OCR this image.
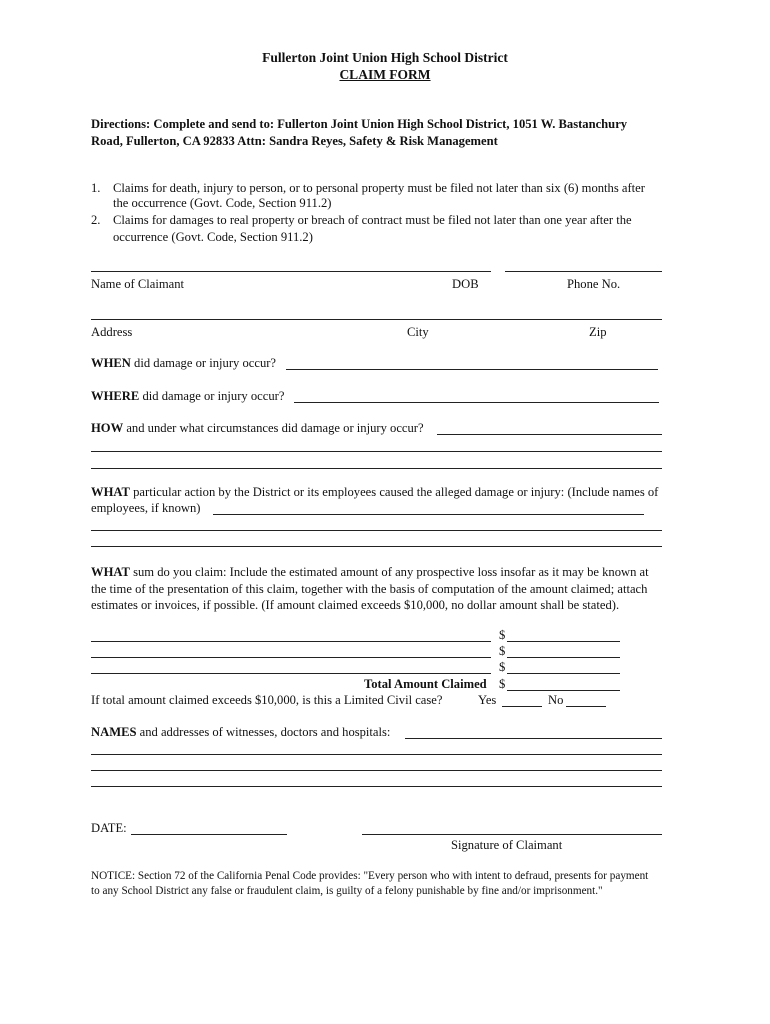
Fullerton Joint Union High School District
CLAIM FORM
Directions: Complete and send to: Fullerton Joint Union High School District, 1051 W. Bastanchury
Road, Fullerton, CA 92833 Attn: Sandra Reyes, Safety & Risk Management
1. Claims for death, injury to person, or to personal property must be filed not later than six (6) months after
the occurrence (Govt. Code, Section 911.2)
2. Claims for damages to real property or breach of contract must be filed not later than one year after the
occurrence (Govt. Code, Section 911.2)
Name of Claimant	DOB	Phone No.
Address	City	Zip
WHEN did damage or injury occur?
WHERE did damage or injury occur?
HOW and under what circumstances did damage or injury occur?
WHAT particular action by the District or its employees caused the alleged damage or injury: (Include names of
employees, if known)
WHAT sum do you claim: Include the estimated amount of any prospective loss insofar as it may be known at
the time of the presentation of this claim, together with the basis of computation of the amount claimed; attach
estimates or invoices, if possible. (If amount claimed exceeds $10,000, no dollar amount shall be stated).
$
$
$
Total Amount Claimed $
If total amount claimed exceeds $10,000, is this a Limited Civil case?	Yes	No
NAMES and addresses of witnesses, doctors and hospitals:
DATE:
Signature of Claimant
NOTICE: Section 72 of the California Penal Code provides: "Every person who with intent to defraud, presents for payment
to any School District any false or fraudulent claim, is guilty of a felony punishable by fine and/or imprisonment."
